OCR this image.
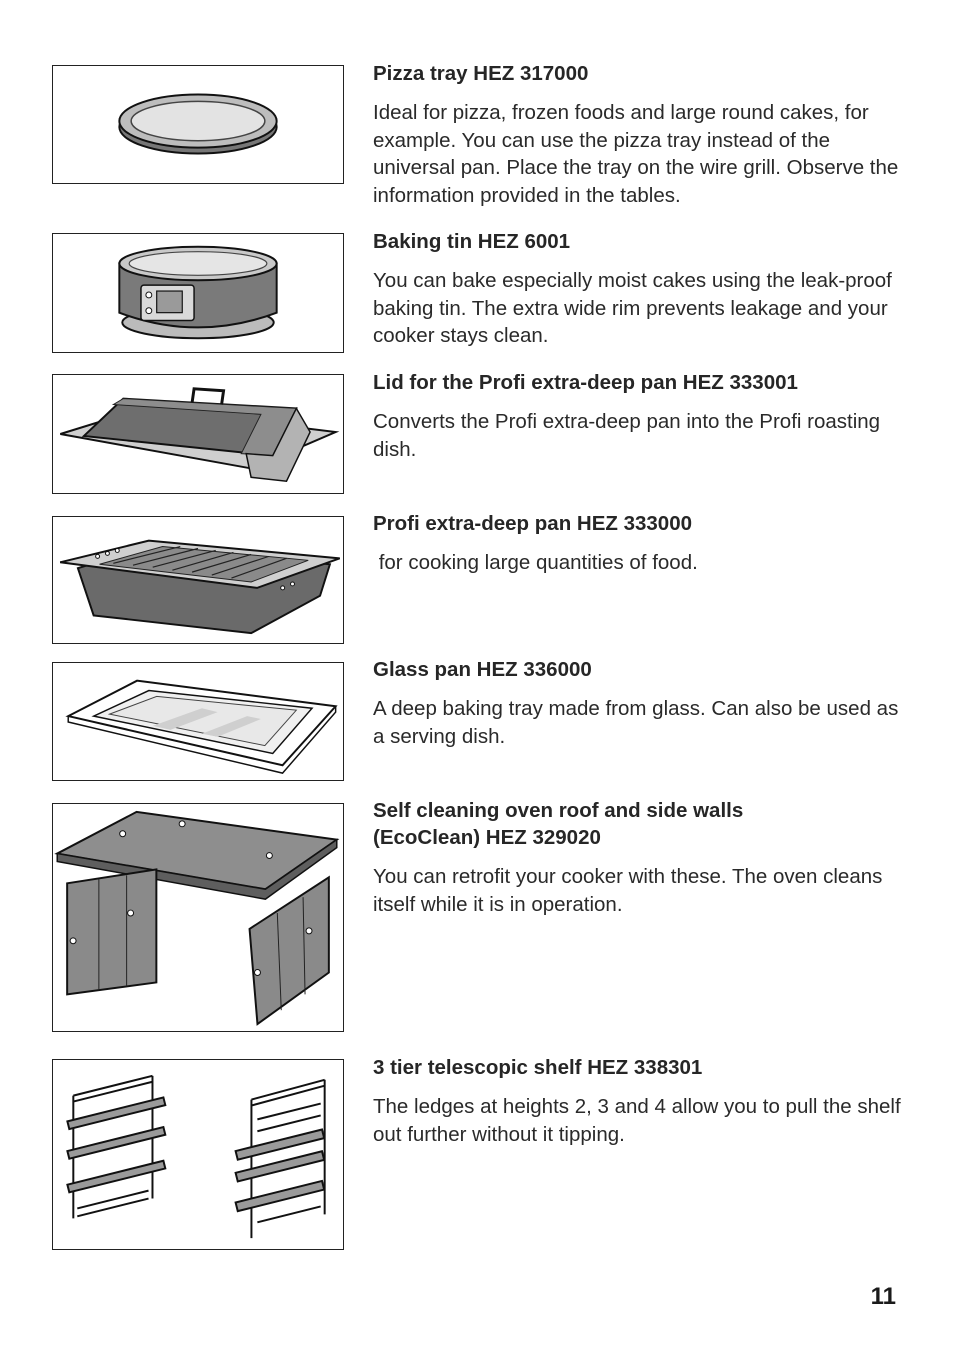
Pizza tray HEZ 317000

Ideal for pizza, frozen foods and large round cakes, for example. You can use the pizza tray instead of the universal pan. Place the tray on the wire grill. Observe the information provided in the tables.

Baking tin HEZ 6001

You can bake especially moist cakes using the leak-proof baking tin. The extra wide rim prevents leakage and your cooker stays clean.

Lid for the Profi extra-deep pan HEZ 333001

Converts the Profi extra-deep pan into the Profi roasting dish.

Profi extra-deep pan HEZ 333000

for cooking large quantities of food.

Glass pan HEZ 336000

A deep baking tray made from glass. Can also be used as a serving dish.

Self cleaning oven roof and side walls

(EcoClean) HEZ 329020

You can retrofit your cooker with these. The oven cleans itself while it is in operation.

3 tier telescopic shelf HEZ 338301

The ledges at heights 2, 3 and 4 allow you to pull the shelf out further without it tipping.

11
